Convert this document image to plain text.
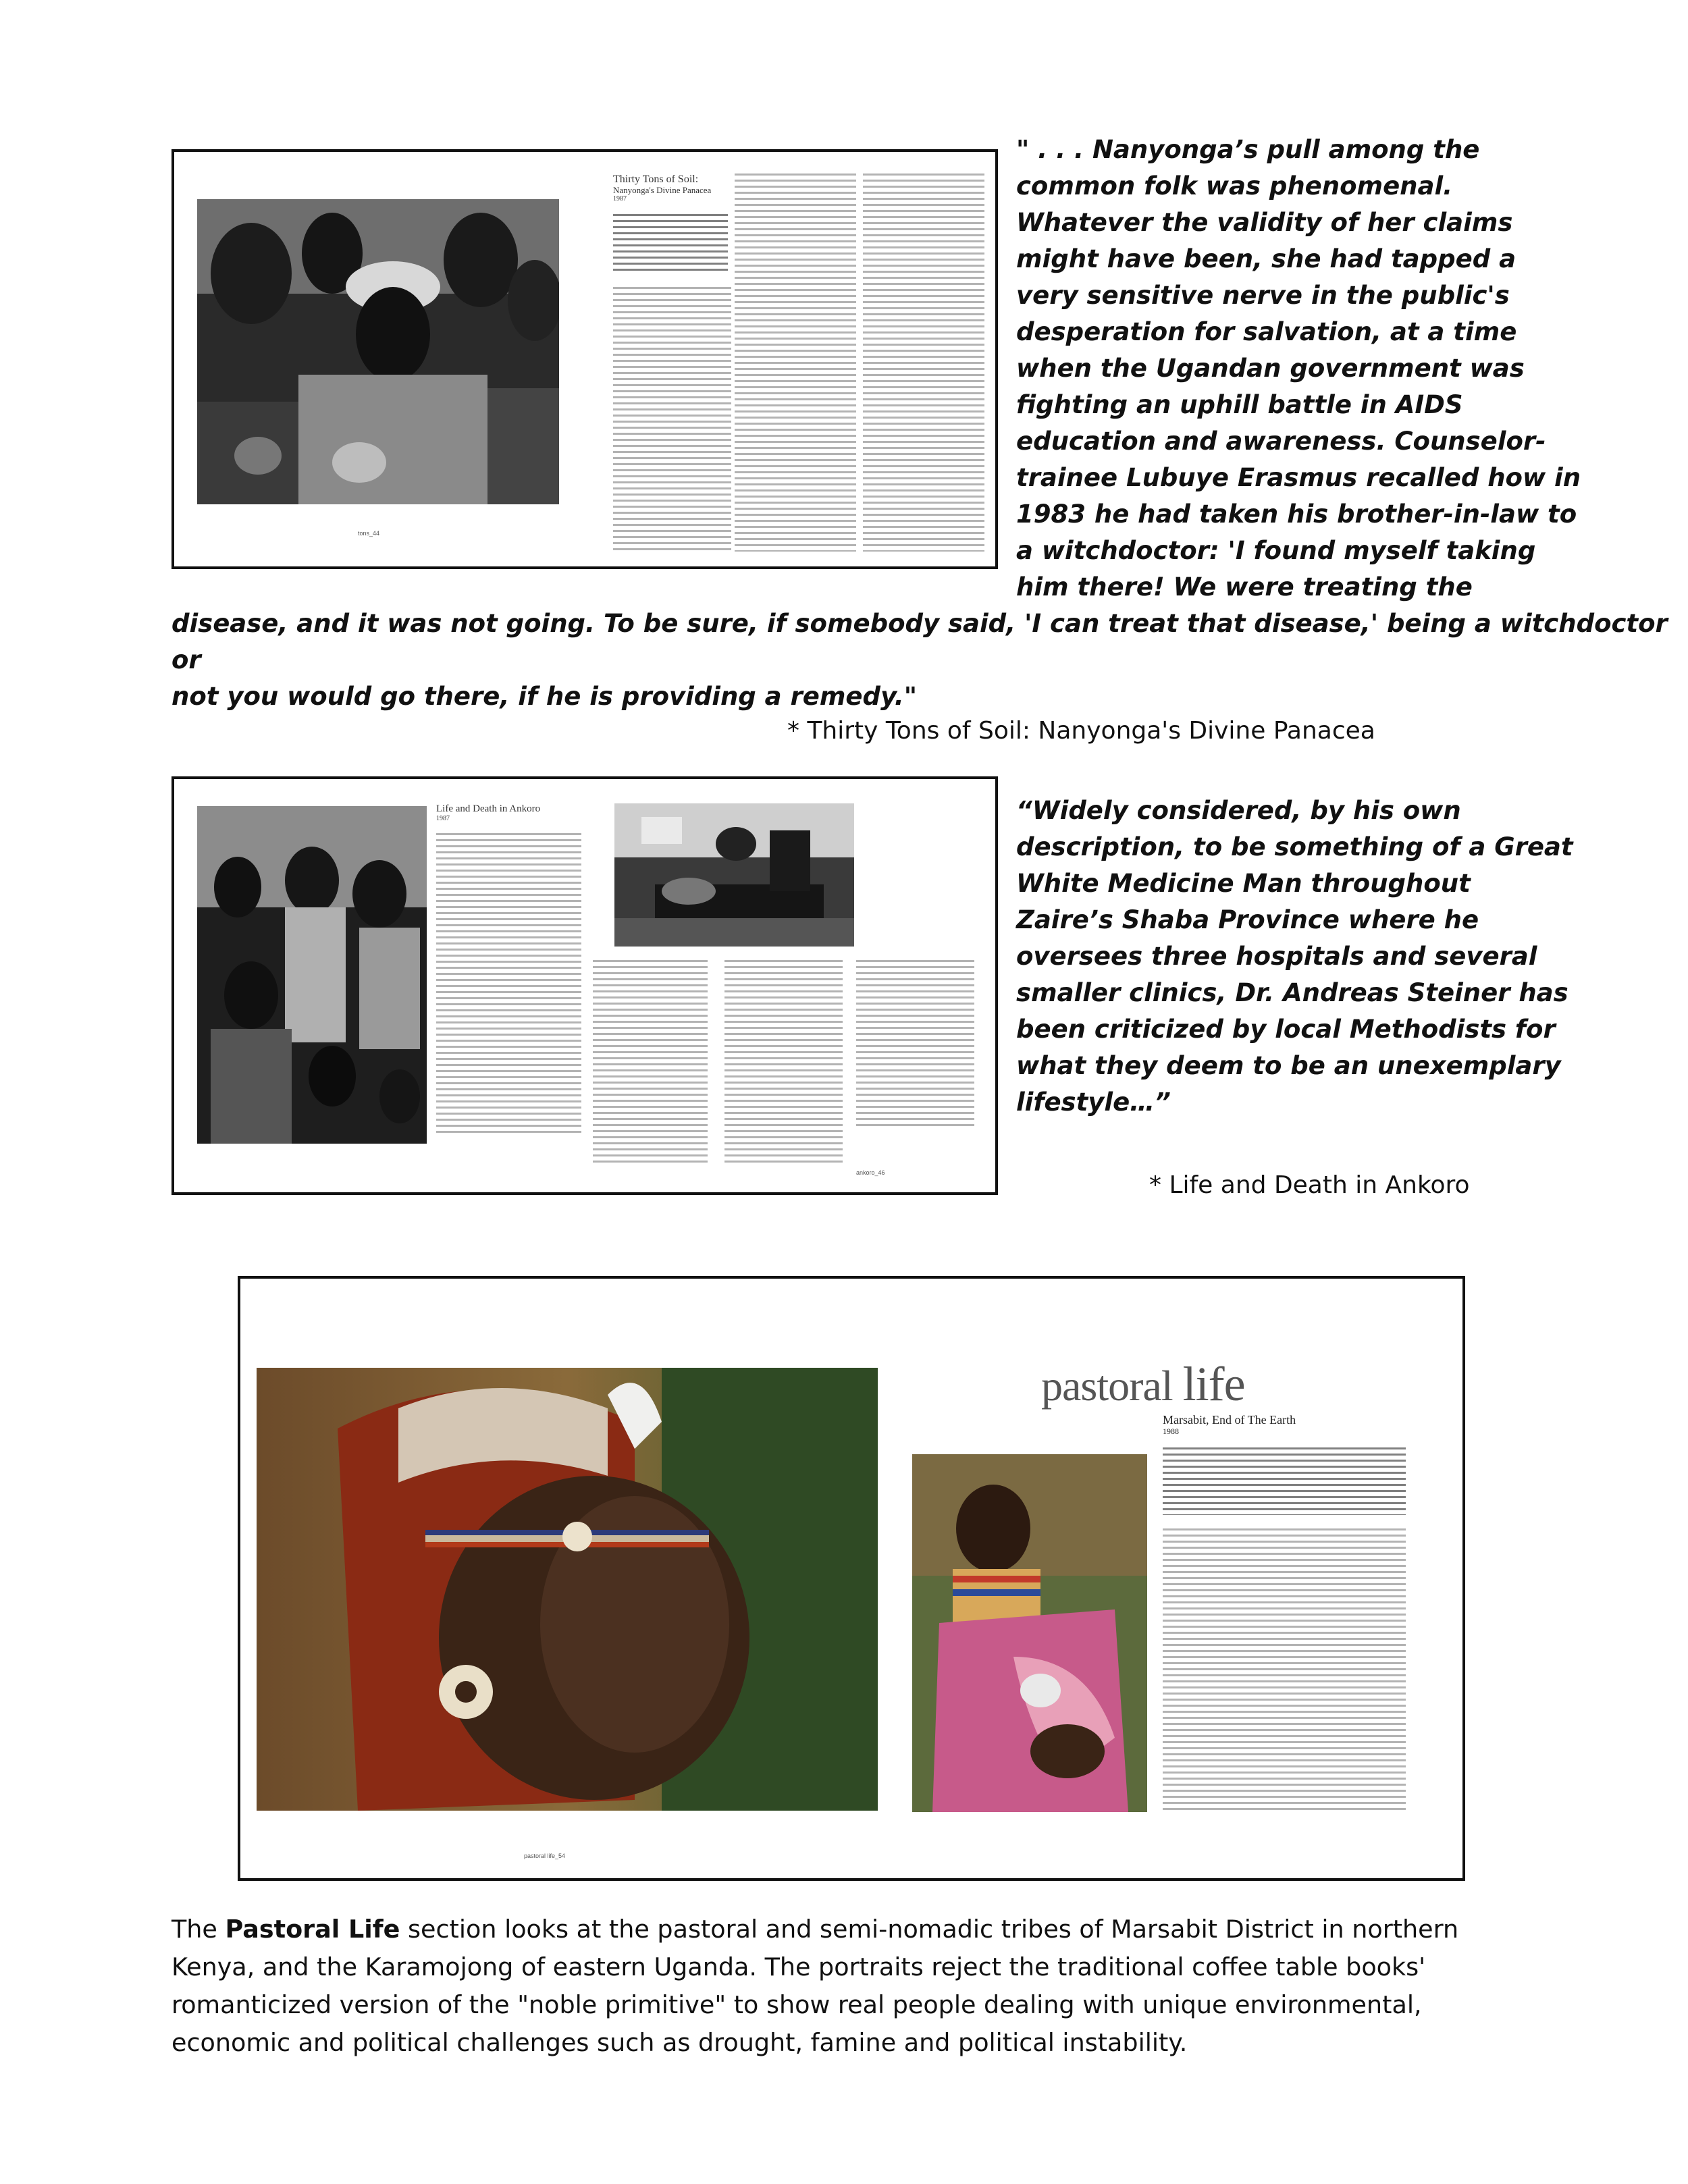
tons_44
Thirty Tons of Soil:
Nanyonga's Divine Panacea
1987

" . . . Nanyonga’s pull among the
common folk was phenomenal.
Whatever the validity of her claims
might have been, she had tapped a
very sensitive nerve in the public's
desperation for salvation, at a time
when the Ugandan government was
fighting an uphill battle in AIDS
education and awareness. Counselor-
trainee Lubuye Erasmus recalled how in
1983 he had taken his brother-in-law to
a witchdoctor: 'I found myself taking
him there! We were treating the

disease, and it was not going. To be sure, if somebody said, 'I can treat that disease,' being a witchdoctor or
not you would go there, if he is providing a remedy."

* Thirty Tons of Soil: Nanyonga's Divine Panacea

Life and Death in Ankoro
1987
ankoro_46

“Widely considered, by his own
description, to be something of a Great
White Medicine Man throughout
Zaire’s Shaba Province where he
oversees three hospitals and several
smaller clinics, Dr. Andreas Steiner has
been criticized by local Methodists for
what they deem to be an unexemplary
lifestyle…”

* Life and Death in Ankoro

pastoral life_54
pastoral life
Marsabit, End of The Earth
1988

The Pastoral Life section looks at the pastoral and semi-nomadic tribes of Marsabit District in northern
Kenya, and the Karamojong of eastern Uganda. The portraits reject the traditional coffee table books'
romanticized version of the "noble primitive" to show real people dealing with unique environmental,
economic and political challenges such as drought, famine and political instability.
